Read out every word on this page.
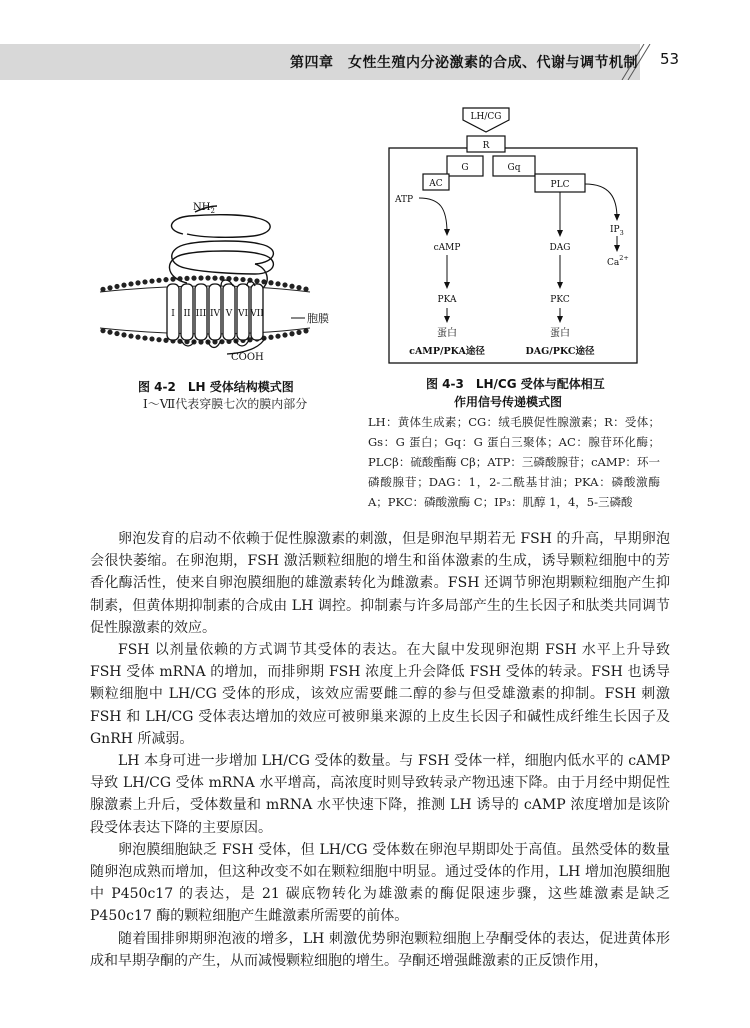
第四章　女性生殖内分泌激素的合成、代谢与调节机制	53
$NH_2$
I II III IV V VI VII
COOH
胞膜
图 4-2　LH 受体结构模式图
Ⅰ～Ⅶ代表穿膜七次的膜内部分
LH/CG
R
G	Gq
AC	PLC
ATP
cAMP
PKA
蛋白
cAMP/PKA途径
DAG
PKC
蛋白
DAG/PKC途径
$IP_3$
$Ca^{2+}$
图 4-3　LH/CG 受体与配体相互
作用信号传递模式图
LH：黄体生成素；CG：绒毛膜促性腺激素；R：受体；Gs：G 蛋白；Gq：G 蛋白三聚体；AC：腺苷环化酶；PLCβ：硫酸酯酶 Cβ；ATP：三磷酸腺苷；cAMP：环一磷酸腺苷；DAG：1，2-二酰基甘油；PKA：磷酸激酶 A；PKC：磷酸激酶 C；IP₃：肌醇 1，4，5-三磷酸

卵泡发育的启动不依赖于促性腺激素的刺激，但是卵泡早期若无 FSH 的升高，早期卵泡会很快萎缩。在卵泡期，FSH 激活颗粒细胞的增生和甾体激素的生成，诱导颗粒细胞中的芳香化酶活性，使来自卵泡膜细胞的雄激素转化为雌激素。FSH 还调节卵泡期颗粒细胞产生抑制素，但黄体期抑制素的合成由 LH 调控。抑制素与许多局部产生的生长因子和肽类共同调节促性腺激素的效应。

FSH 以剂量依赖的方式调节其受体的表达。在大鼠中发现卵泡期 FSH 水平上升导致 FSH 受体 mRNA 的增加，而排卵期 FSH 浓度上升会降低 FSH 受体的转录。FSH 也诱导颗粒细胞中 LH/CG 受体的形成，该效应需要雌二醇的参与但受雄激素的抑制。FSH 刺激 FSH 和 LH/CG 受体表达增加的效应可被卵巢来源的上皮生长因子和碱性成纤维生长因子及 GnRH 所减弱。

LH 本身可进一步增加 LH/CG 受体的数量。与 FSH 受体一样，细胞内低水平的 cAMP 导致 LH/CG 受体 mRNA 水平增高，高浓度时则导致转录产物迅速下降。由于月经中期促性腺激素上升后，受体数量和 mRNA 水平快速下降，推测 LH 诱导的 cAMP 浓度增加是该阶段受体表达下降的主要原因。

卵泡膜细胞缺乏 FSH 受体，但 LH/CG 受体数在卵泡早期即处于高值。虽然受体的数量随卵泡成熟而增加，但这种改变不如在颗粒细胞中明显。通过受体的作用，LH 增加泡膜细胞中 P450c17 的表达，是 21 碳底物转化为雄激素的酶促限速步骤，这些雄激素是缺乏 P450c17 酶的颗粒细胞产生雌激素所需要的前体。

随着围排卵期卵泡液的增多，LH 刺激优势卵泡颗粒细胞上孕酮受体的表达，促进黄体形成和早期孕酮的产生，从而减慢颗粒细胞的增生。孕酮还增强雌激素的正反馈作用，
